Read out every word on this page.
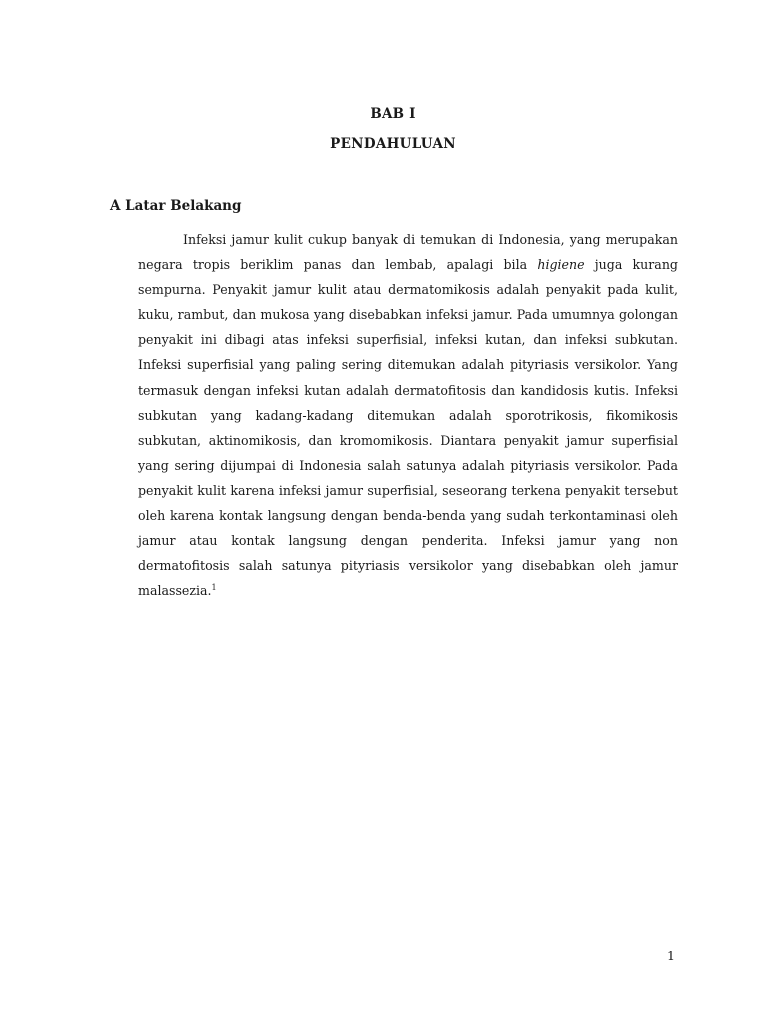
BAB I
PENDAHULUAN
A Latar Belakang

Infeksi jamur kulit cukup banyak di temukan di Indonesia, yang merupakan negara tropis beriklim panas dan lembab, apalagi bila higiene juga kurang sempurna. Penyakit jamur kulit atau dermatomikosis adalah penyakit pada kulit, kuku, rambut, dan mukosa yang disebabkan infeksi jamur. Pada umumnya golongan penyakit ini dibagi atas infeksi superfisial, infeksi kutan, dan infeksi subkutan. Infeksi superfisial yang paling sering ditemukan adalah pityriasis versikolor. Yang termasuk dengan infeksi kutan adalah dermatofitosis dan kandidosis kutis. Infeksi subkutan yang kadang-kadang ditemukan adalah sporotrikosis, fikomikosis subkutan, aktinomikosis, dan kromomikosis. Diantara penyakit jamur superfisial yang sering dijumpai di Indonesia salah satunya adalah pityriasis versikolor. Pada penyakit kulit karena infeksi jamur superfisial, seseorang terkena penyakit tersebut oleh karena kontak langsung dengan benda-benda yang sudah terkontaminasi oleh jamur atau kontak langsung dengan penderita. Infeksi jamur yang non dermatofitosis salah satunya pityriasis versikolor yang disebabkan oleh jamur malassezia.$^1$

1
